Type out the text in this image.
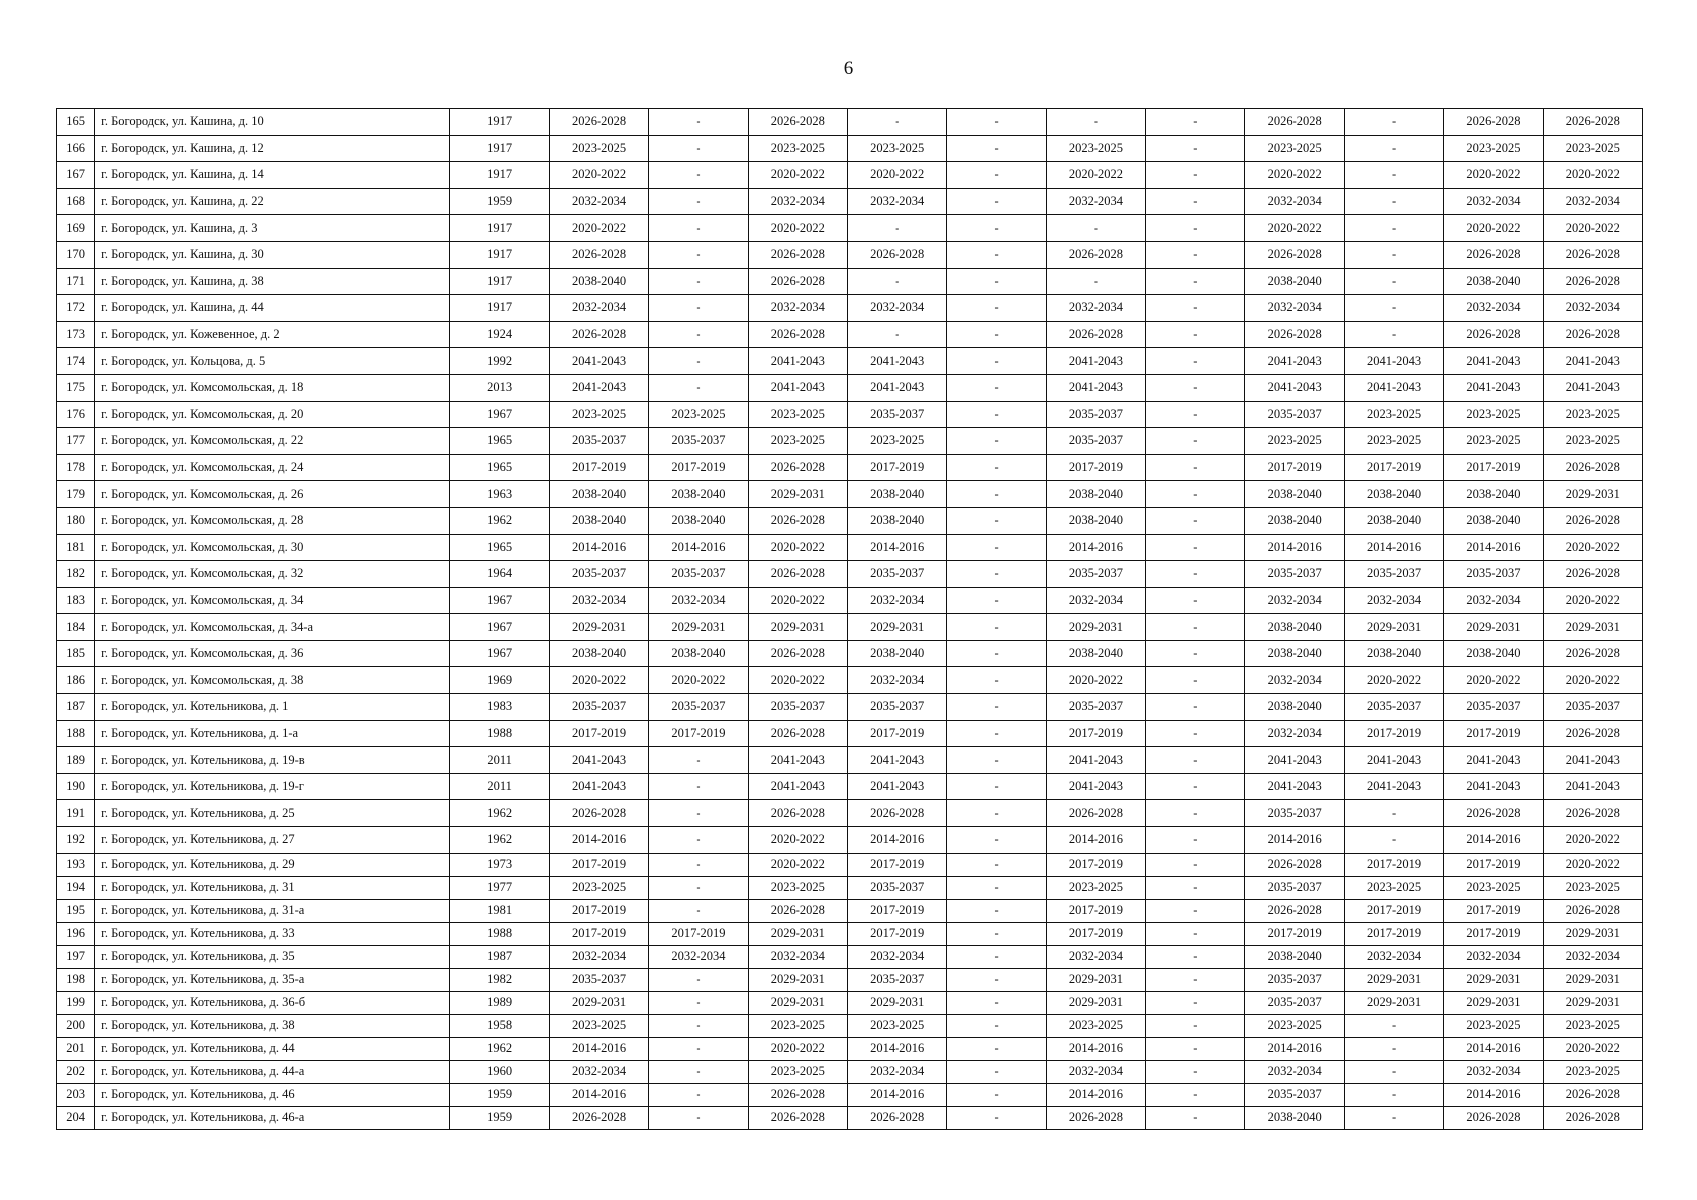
6
165	г. Богородск, ул. Кашина, д. 10	1917	2026-2028	-	2026-2028	-	-	-	-	2026-2028	-	2026-2028	2026-2028
166	г. Богородск, ул. Кашина, д. 12	1917	2023-2025	-	2023-2025	2023-2025	-	2023-2025	-	2023-2025	-	2023-2025	2023-2025
167	г. Богородск, ул. Кашина, д. 14	1917	2020-2022	-	2020-2022	2020-2022	-	2020-2022	-	2020-2022	-	2020-2022	2020-2022
168	г. Богородск, ул. Кашина, д. 22	1959	2032-2034	-	2032-2034	2032-2034	-	2032-2034	-	2032-2034	-	2032-2034	2032-2034
169	г. Богородск, ул. Кашина, д. 3	1917	2020-2022	-	2020-2022	-	-	-	-	2020-2022	-	2020-2022	2020-2022
170	г. Богородск, ул. Кашина, д. 30	1917	2026-2028	-	2026-2028	2026-2028	-	2026-2028	-	2026-2028	-	2026-2028	2026-2028
171	г. Богородск, ул. Кашина, д. 38	1917	2038-2040	-	2026-2028	-	-	-	-	2038-2040	-	2038-2040	2026-2028
172	г. Богородск, ул. Кашина, д. 44	1917	2032-2034	-	2032-2034	2032-2034	-	2032-2034	-	2032-2034	-	2032-2034	2032-2034
173	г. Богородск, ул. Кожевенное, д. 2	1924	2026-2028	-	2026-2028	-	-	2026-2028	-	2026-2028	-	2026-2028	2026-2028
174	г. Богородск, ул. Кольцова, д. 5	1992	2041-2043	-	2041-2043	2041-2043	-	2041-2043	-	2041-2043	2041-2043	2041-2043	2041-2043
175	г. Богородск, ул. Комсомольская, д. 18	2013	2041-2043	-	2041-2043	2041-2043	-	2041-2043	-	2041-2043	2041-2043	2041-2043	2041-2043
176	г. Богородск, ул. Комсомольская, д. 20	1967	2023-2025	2023-2025	2023-2025	2035-2037	-	2035-2037	-	2035-2037	2023-2025	2023-2025	2023-2025
177	г. Богородск, ул. Комсомольская, д. 22	1965	2035-2037	2035-2037	2023-2025	2023-2025	-	2035-2037	-	2023-2025	2023-2025	2023-2025	2023-2025
178	г. Богородск, ул. Комсомольская, д. 24	1965	2017-2019	2017-2019	2026-2028	2017-2019	-	2017-2019	-	2017-2019	2017-2019	2017-2019	2026-2028
179	г. Богородск, ул. Комсомольская, д. 26	1963	2038-2040	2038-2040	2029-2031	2038-2040	-	2038-2040	-	2038-2040	2038-2040	2038-2040	2029-2031
180	г. Богородск, ул. Комсомольская, д. 28	1962	2038-2040	2038-2040	2026-2028	2038-2040	-	2038-2040	-	2038-2040	2038-2040	2038-2040	2026-2028
181	г. Богородск, ул. Комсомольская, д. 30	1965	2014-2016	2014-2016	2020-2022	2014-2016	-	2014-2016	-	2014-2016	2014-2016	2014-2016	2020-2022
182	г. Богородск, ул. Комсомольская, д. 32	1964	2035-2037	2035-2037	2026-2028	2035-2037	-	2035-2037	-	2035-2037	2035-2037	2035-2037	2026-2028
183	г. Богородск, ул. Комсомольская, д. 34	1967	2032-2034	2032-2034	2020-2022	2032-2034	-	2032-2034	-	2032-2034	2032-2034	2032-2034	2020-2022
184	г. Богородск, ул. Комсомольская, д. 34-а	1967	2029-2031	2029-2031	2029-2031	2029-2031	-	2029-2031	-	2038-2040	2029-2031	2029-2031	2029-2031
185	г. Богородск, ул. Комсомольская, д. 36	1967	2038-2040	2038-2040	2026-2028	2038-2040	-	2038-2040	-	2038-2040	2038-2040	2038-2040	2026-2028
186	г. Богородск, ул. Комсомольская, д. 38	1969	2020-2022	2020-2022	2020-2022	2032-2034	-	2020-2022	-	2032-2034	2020-2022	2020-2022	2020-2022
187	г. Богородск, ул. Котельникова, д. 1	1983	2035-2037	2035-2037	2035-2037	2035-2037	-	2035-2037	-	2038-2040	2035-2037	2035-2037	2035-2037
188	г. Богородск, ул. Котельникова, д. 1-а	1988	2017-2019	2017-2019	2026-2028	2017-2019	-	2017-2019	-	2032-2034	2017-2019	2017-2019	2026-2028
189	г. Богородск, ул. Котельникова, д. 19-в	2011	2041-2043	-	2041-2043	2041-2043	-	2041-2043	-	2041-2043	2041-2043	2041-2043	2041-2043
190	г. Богородск, ул. Котельникова, д. 19-г	2011	2041-2043	-	2041-2043	2041-2043	-	2041-2043	-	2041-2043	2041-2043	2041-2043	2041-2043
191	г. Богородск, ул. Котельникова, д. 25	1962	2026-2028	-	2026-2028	2026-2028	-	2026-2028	-	2035-2037	-	2026-2028	2026-2028
192	г. Богородск, ул. Котельникова, д. 27	1962	2014-2016	-	2020-2022	2014-2016	-	2014-2016	-	2014-2016	-	2014-2016	2020-2022
193	г. Богородск, ул. Котельникова, д. 29	1973	2017-2019	-	2020-2022	2017-2019	-	2017-2019	-	2026-2028	2017-2019	2017-2019	2020-2022
194	г. Богородск, ул. Котельникова, д. 31	1977	2023-2025	-	2023-2025	2035-2037	-	2023-2025	-	2035-2037	2023-2025	2023-2025	2023-2025
195	г. Богородск, ул. Котельникова, д. 31-а	1981	2017-2019	-	2026-2028	2017-2019	-	2017-2019	-	2026-2028	2017-2019	2017-2019	2026-2028
196	г. Богородск, ул. Котельникова, д. 33	1988	2017-2019	2017-2019	2029-2031	2017-2019	-	2017-2019	-	2017-2019	2017-2019	2017-2019	2029-2031
197	г. Богородск, ул. Котельникова, д. 35	1987	2032-2034	2032-2034	2032-2034	2032-2034	-	2032-2034	-	2038-2040	2032-2034	2032-2034	2032-2034
198	г. Богородск, ул. Котельникова, д. 35-а	1982	2035-2037	-	2029-2031	2035-2037	-	2029-2031	-	2035-2037	2029-2031	2029-2031	2029-2031
199	г. Богородск, ул. Котельникова, д. 36-б	1989	2029-2031	-	2029-2031	2029-2031	-	2029-2031	-	2035-2037	2029-2031	2029-2031	2029-2031
200	г. Богородск, ул. Котельникова, д. 38	1958	2023-2025	-	2023-2025	2023-2025	-	2023-2025	-	2023-2025	-	2023-2025	2023-2025
201	г. Богородск, ул. Котельникова, д. 44	1962	2014-2016	-	2020-2022	2014-2016	-	2014-2016	-	2014-2016	-	2014-2016	2020-2022
202	г. Богородск, ул. Котельникова, д. 44-а	1960	2032-2034	-	2023-2025	2032-2034	-	2032-2034	-	2032-2034	-	2032-2034	2023-2025
203	г. Богородск, ул. Котельникова, д. 46	1959	2014-2016	-	2026-2028	2014-2016	-	2014-2016	-	2035-2037	-	2014-2016	2026-2028
204	г. Богородск, ул. Котельникова, д. 46-а	1959	2026-2028	-	2026-2028	2026-2028	-	2026-2028	-	2038-2040	-	2026-2028	2026-2028
